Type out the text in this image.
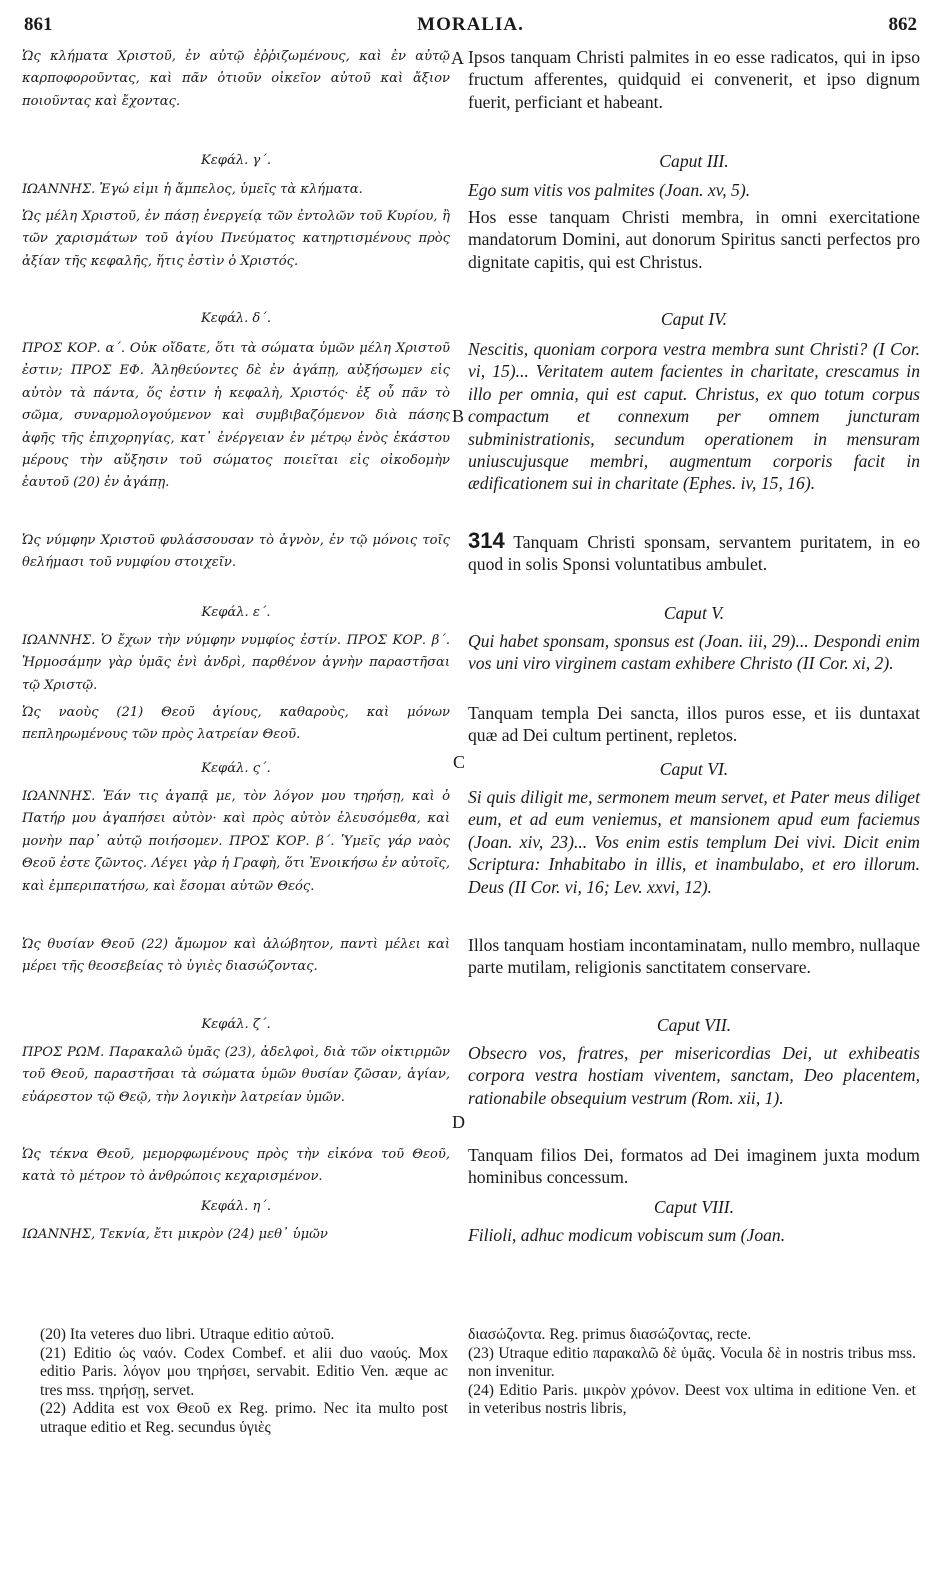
861	MORALIA.	862
Ὡς κλήματα Χριστοῦ, ἐν αὐτῷ ἐῤῥιζωμένους, καὶ ἐν αὐτῷ καρποφοροῦντας, καὶ πᾶν ὁτιοῦν οἰκεῖον αὐτοῦ καὶ ἄξιον ποιοῦντας καὶ ἔχοντας.
Κεφάλ. γ΄.
ΙΩΑΝΝΗΣ. Ἐγώ εἰμι ἡ ἄμπελος, ὑμεῖς τὰ κλήματα.
Ὡς μέλη Χριστοῦ, ἐν πάσῃ ἐνεργείᾳ τῶν ἐντολῶν τοῦ Κυρίου, ἢ τῶν χαρισμάτων τοῦ ἁγίου Πνεύματος κατηρτισμένους πρὸς ἀξίαν τῆς κεφαλῆς, ἥτις ἐστὶν ὁ Χριστός.
Κεφάλ. δ΄.
ΠΡΟΣ ΚΟΡ. α΄. Οὐκ οἴδατε, ὅτι τὰ σώματα ὑμῶν μέλη Χριστοῦ ἐστιν; ΠΡΟΣ ΕΦ. Ἀληθεύοντες δὲ ἐν ἀγάπῃ, αὐξήσωμεν εἰς αὐτὸν τὰ πάντα, ὅς ἐστιν ἡ κεφαλὴ, Χριστός· ἐξ οὗ πᾶν τὸ σῶμα, συναρμολογούμενον καὶ συμβιβαζόμενον διὰ πάσης ἁφῆς τῆς ἐπιχορηγίας, κατ᾽ ἐνέργειαν ἐν μέτρῳ ἑνὸς ἑκάστου μέρους τὴν αὔξησιν τοῦ σώματος ποιεῖται εἰς οἰκοδομὴν ἑαυτοῦ (20) ἐν ἀγάπῃ.
Ὡς νύμφην Χριστοῦ φυλάσσουσαν τὸ ἁγνὸν, ἐν τῷ μόνοις τοῖς θελήμασι τοῦ νυμφίου στοιχεῖν.
Κεφάλ. ε΄.
ΙΩΑΝΝΗΣ. Ὁ ἔχων τὴν νύμφην νυμφίος ἐστίν. ΠΡΟΣ ΚΟΡ. β΄. Ἡρμοσάμην γὰρ ὑμᾶς ἑνὶ ἀνδρὶ, παρθένον ἁγνὴν παραστῆσαι τῷ Χριστῷ.
Ὡς ναοὺς (21) Θεοῦ ἁγίους, καθαροὺς, καὶ μόνων πεπληρωμένους τῶν πρὸς λατρείαν Θεοῦ.
Κεφάλ. ς΄.
ΙΩΑΝΝΗΣ. Ἐάν τις ἀγαπᾷ με, τὸν λόγον μου τηρήσῃ, καὶ ὁ Πατήρ μου ἀγαπήσει αὐτὸν· καὶ πρὸς αὐτὸν ἐλευσόμεθα, καὶ μονὴν παρ᾽ αὐτῷ ποιήσομεν. ΠΡΟΣ ΚΟΡ. β΄. Ὑμεῖς γάρ ναὸς Θεοῦ ἐστε ζῶντος. Λέγει γὰρ ἡ Γραφὴ, ὅτι Ἐνοικήσω ἐν αὐτοῖς, καὶ ἐμπεριπατήσω, καὶ ἔσομαι αὐτῶν Θεός.
Ὡς θυσίαν Θεοῦ (22) ἄμωμον καὶ ἀλώβητον, παντὶ μέλει καὶ μέρει τῆς θεοσεβείας τὸ ὑγιὲς διασώζοντας.
Κεφάλ. ζ΄.
ΠΡΟΣ ΡΩΜ. Παρακαλῶ ὑμᾶς (23), ἀδελφοὶ, διὰ τῶν οἰκτιρμῶν τοῦ Θεοῦ, παραστῆσαι τὰ σώματα ὑμῶν θυσίαν ζῶσαν, ἁγίαν, εὐάρεστον τῷ Θεῷ, τὴν λογικὴν λατρείαν ὑμῶν.
Ὡς τέκνα Θεοῦ, μεμορφωμένους πρὸς τὴν εἰκόνα τοῦ Θεοῦ, κατὰ τὸ μέτρον τὸ ἀνθρώποις κεχαρισμένον.
Κεφάλ. η΄.
ΙΩΑΝΝΗΣ, Τεκνία, ἔτι μικρὸν (24) μεθ᾽ ὑμῶν
A
B
C
D
Ipsos tanquam Christi palmites in eo esse radicatos, qui in ipso fructum afferentes, quidquid ei convenerit, et ipso dignum fuerit, perficiant et habeant.
Caput III.
Ego sum vitis vos palmites (Joan. xv, 5).
Hos esse tanquam Christi membra, in omni exercitatione mandatorum Domini, aut donorum Spiritus sancti perfectos pro dignitate capitis, qui est Christus.
Caput IV.
Nescitis, quoniam corpora vestra membra sunt Christi? (I Cor. vi, 15)... Veritatem autem facientes in charitate, crescamus in illo per omnia, qui est caput. Christus, ex quo totum corpus compactum et connexum per omnem juncturam subministrationis, secundum operationem in mensuram uniuscujusque membri, augmentum corporis facit in ædificationem sui in charitate (Ephes. iv, 15, 16).
314 Tanquam Christi sponsam, servantem puritatem, in eo quod in solis Sponsi voluntatibus ambulet.
Caput V.
Qui habet sponsam, sponsus est (Joan. iii, 29)... Despondi enim vos uni viro virginem castam exhibere Christo (II Cor. xi, 2).
Tanquam templa Dei sancta, illos puros esse, et iis duntaxat quæ ad Dei cultum pertinent, repletos.
Caput VI.
Si quis diligit me, sermonem meum servet, et Pater meus diliget eum, et ad eum veniemus, et mansionem apud eum faciemus (Joan. xiv, 23)... Vos enim estis templum Dei vivi. Dicit enim Scriptura: Inhabitabo in illis, et inambulabo, et ero illorum. Deus (II Cor. vi, 16; Lev. xxvi, 12).
Illos tanquam hostiam incontaminatam, nullo membro, nullaque parte mutilam, religionis sanctitatem conservare.
Caput VII.
Obsecro vos, fratres, per misericordias Dei, ut exhibeatis corpora vestra hostiam viventem, sanctam, Deo placentem, rationabile obsequium vestrum (Rom. xii, 1).
Tanquam filios Dei, formatos ad Dei imaginem juxta modum hominibus concessum.
Caput VIII.
Filioli, adhuc modicum vobiscum sum (Joan.
(20) Ita veteres duo libri. Utraque editio αὐτοῦ.
(21) Editio ὡς ναόν. Codex Combef. et alii duo ναούς. Mox editio Paris. λόγον μου τηρήσει, servabit. Editio Ven. æque ac tres mss. τηρήσῃ, servet.
(22) Addita est vox Θεοῦ ex Reg. primo. Nec ita multo post utraque editio et Reg. secundus ὑγιὲς
διασώζοντα. Reg. primus διασώζοντας, recte.
(23) Utraque editio παρακαλῶ δὲ ὑμᾶς. Vocula δὲ in nostris tribus mss. non invenitur.
(24) Editio Paris. μικρὸν χρόνον. Deest vox ultima in editione Ven. et in veteribus nostris libris,
